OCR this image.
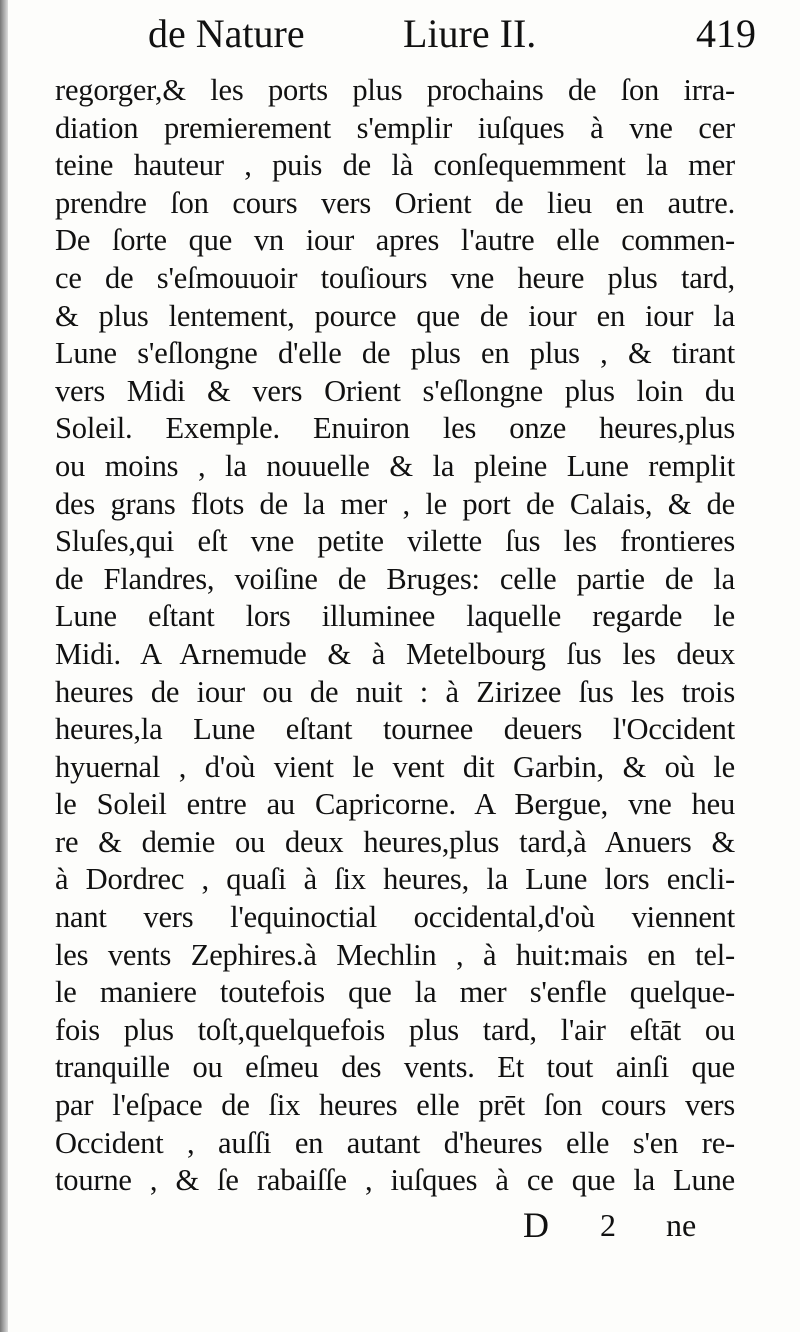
de Nature Liure II.	419
regorger,& les ports plus prochains de ſon irra-
diation premierement s'emplir iuſques à vne cer
teine hauteur , puis de là conſequemment la mer
prendre ſon cours vers Orient de lieu en autre.
De ſorte que vn iour apres l'autre elle commen-
ce de s'eſmouuoir touſiours vne heure plus tard,
& plus lentement, pource que de iour en iour la
Lune s'eſlongne d'elle de plus en plus , & tirant
vers Midi & vers Orient s'eſlongne plus loin du
Soleil. Exemple. Enuiron les onze heures,plus
ou moins , la nouuelle & la pleine Lune remplit
des grans flots de la mer , le port de Calais, & de
Sluſes,qui eſt vne petite vilette ſus les frontieres
de Flandres, voiſine de Bruges: celle partie de la
Lune eſtant lors illuminee laquelle regarde le
Midi. A Arnemude & à Metelbourg ſus les deux
heures de iour ou de nuit : à Zirizee ſus les trois
heures,la Lune eſtant tournee deuers l'Occident
hyuernal , d'où vient le vent dit Garbin, & où le
le Soleil entre au Capricorne. A Bergue, vne heu
re & demie ou deux heures,plus tard,à Anuers &
à Dordrec , quaſi à ſix heures, la Lune lors encli-
nant vers l'equinoctial occidental,d'où viennent
les vents Zephires.à Mechlin , à huit:mais en tel-
le maniere toutefois que la mer s'enfle quelque-
fois plus toſt,quelquefois plus tard, l'air eſtāt ou
tranquille ou eſmeu des vents. Et tout ainſi que
par l'eſpace de ſix heures elle prēt ſon cours vers
Occident , auſſi en autant d'heures elle s'en re-
tourne , & ſe rabaiſſe , iuſques à ce que la Lune
D 2 ne
